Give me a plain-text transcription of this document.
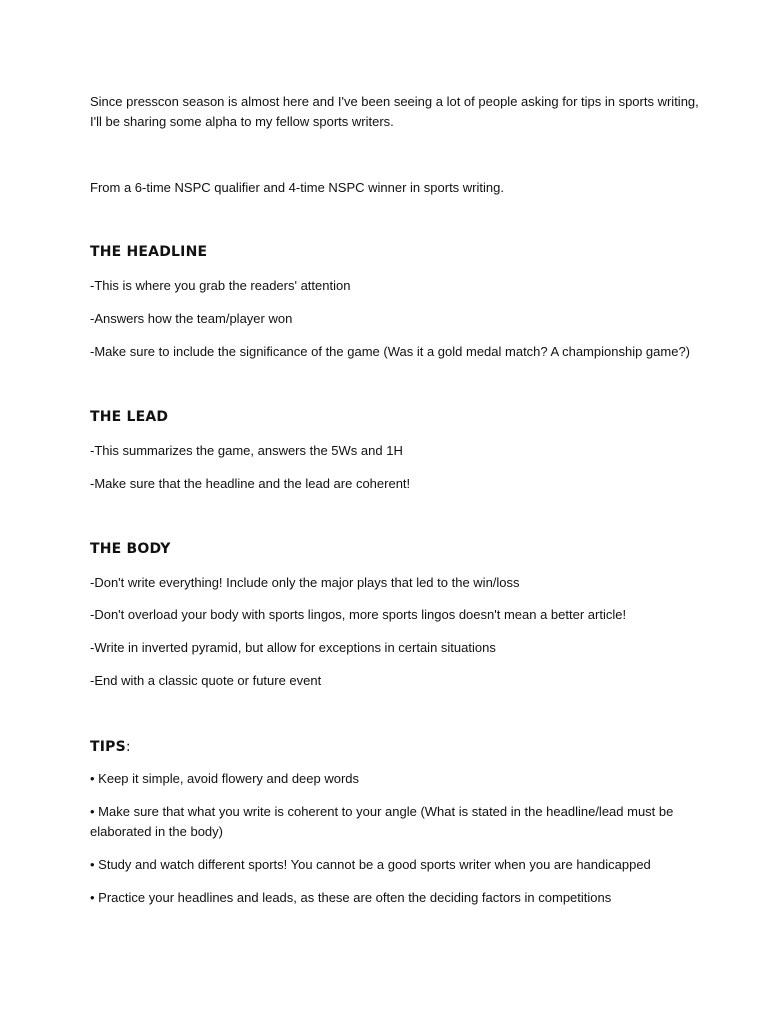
Since presscon season is almost here and I've been seeing a lot of people asking for tips in sports writing, I'll be sharing some alpha to my fellow sports writers.
From a 6-time NSPC qualifier and 4-time NSPC winner in sports writing.
THE HEADLINE
-This is where you grab the readers' attention
-Answers how the team/player won
-Make sure to include the significance of the game (Was it a gold medal match? A championship game?)
THE LEAD
-This summarizes the game, answers the 5Ws and 1H
-Make sure that the headline and the lead are coherent!
THE BODY
-Don't write everything! Include only the major plays that led to the win/loss
-Don't overload your body with sports lingos, more sports lingos doesn't mean a better article!
-Write in inverted pyramid, but allow for exceptions in certain situations
-End with a classic quote or future event
TIPS:
• Keep it simple, avoid flowery and deep words
• Make sure that what you write is coherent to your angle (What is stated in the headline/lead must be elaborated in the body)
• Study and watch different sports! You cannot be a good sports writer when you are handicapped
• Practice your headlines and leads, as these are often the deciding factors in competitions
